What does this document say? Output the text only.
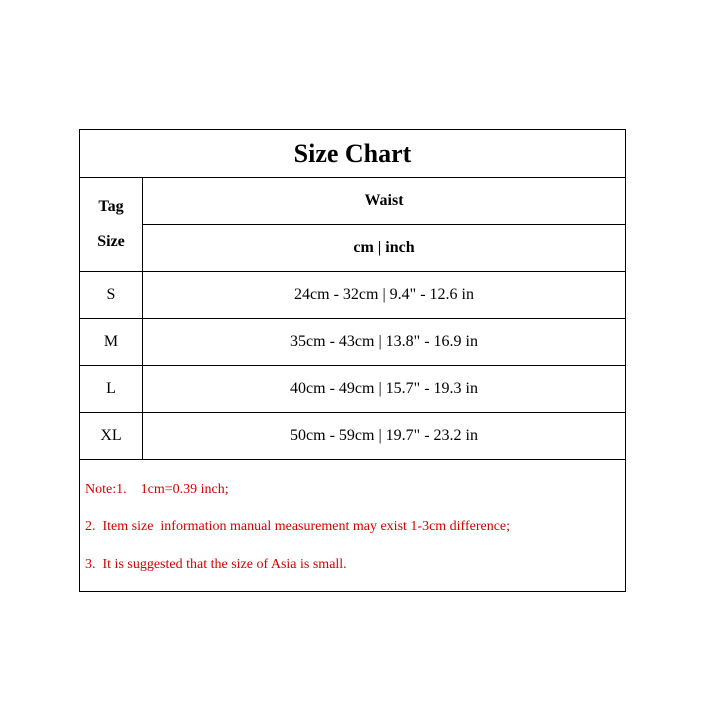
Size Chart
Tag
Size
Waist
cm | inch
S	24cm - 32cm | 9.4" - 12.6 in
M	35cm - 43cm | 13.8" - 16.9 in
L	40cm - 49cm | 15.7" - 19.3 in
XL	50cm - 59cm | 19.7" - 23.2 in
Note:1.    1cm=0.39 inch;
2.  Item size  information manual measurement may exist 1-3cm difference;
3.  It is suggested that the size of Asia is small.
